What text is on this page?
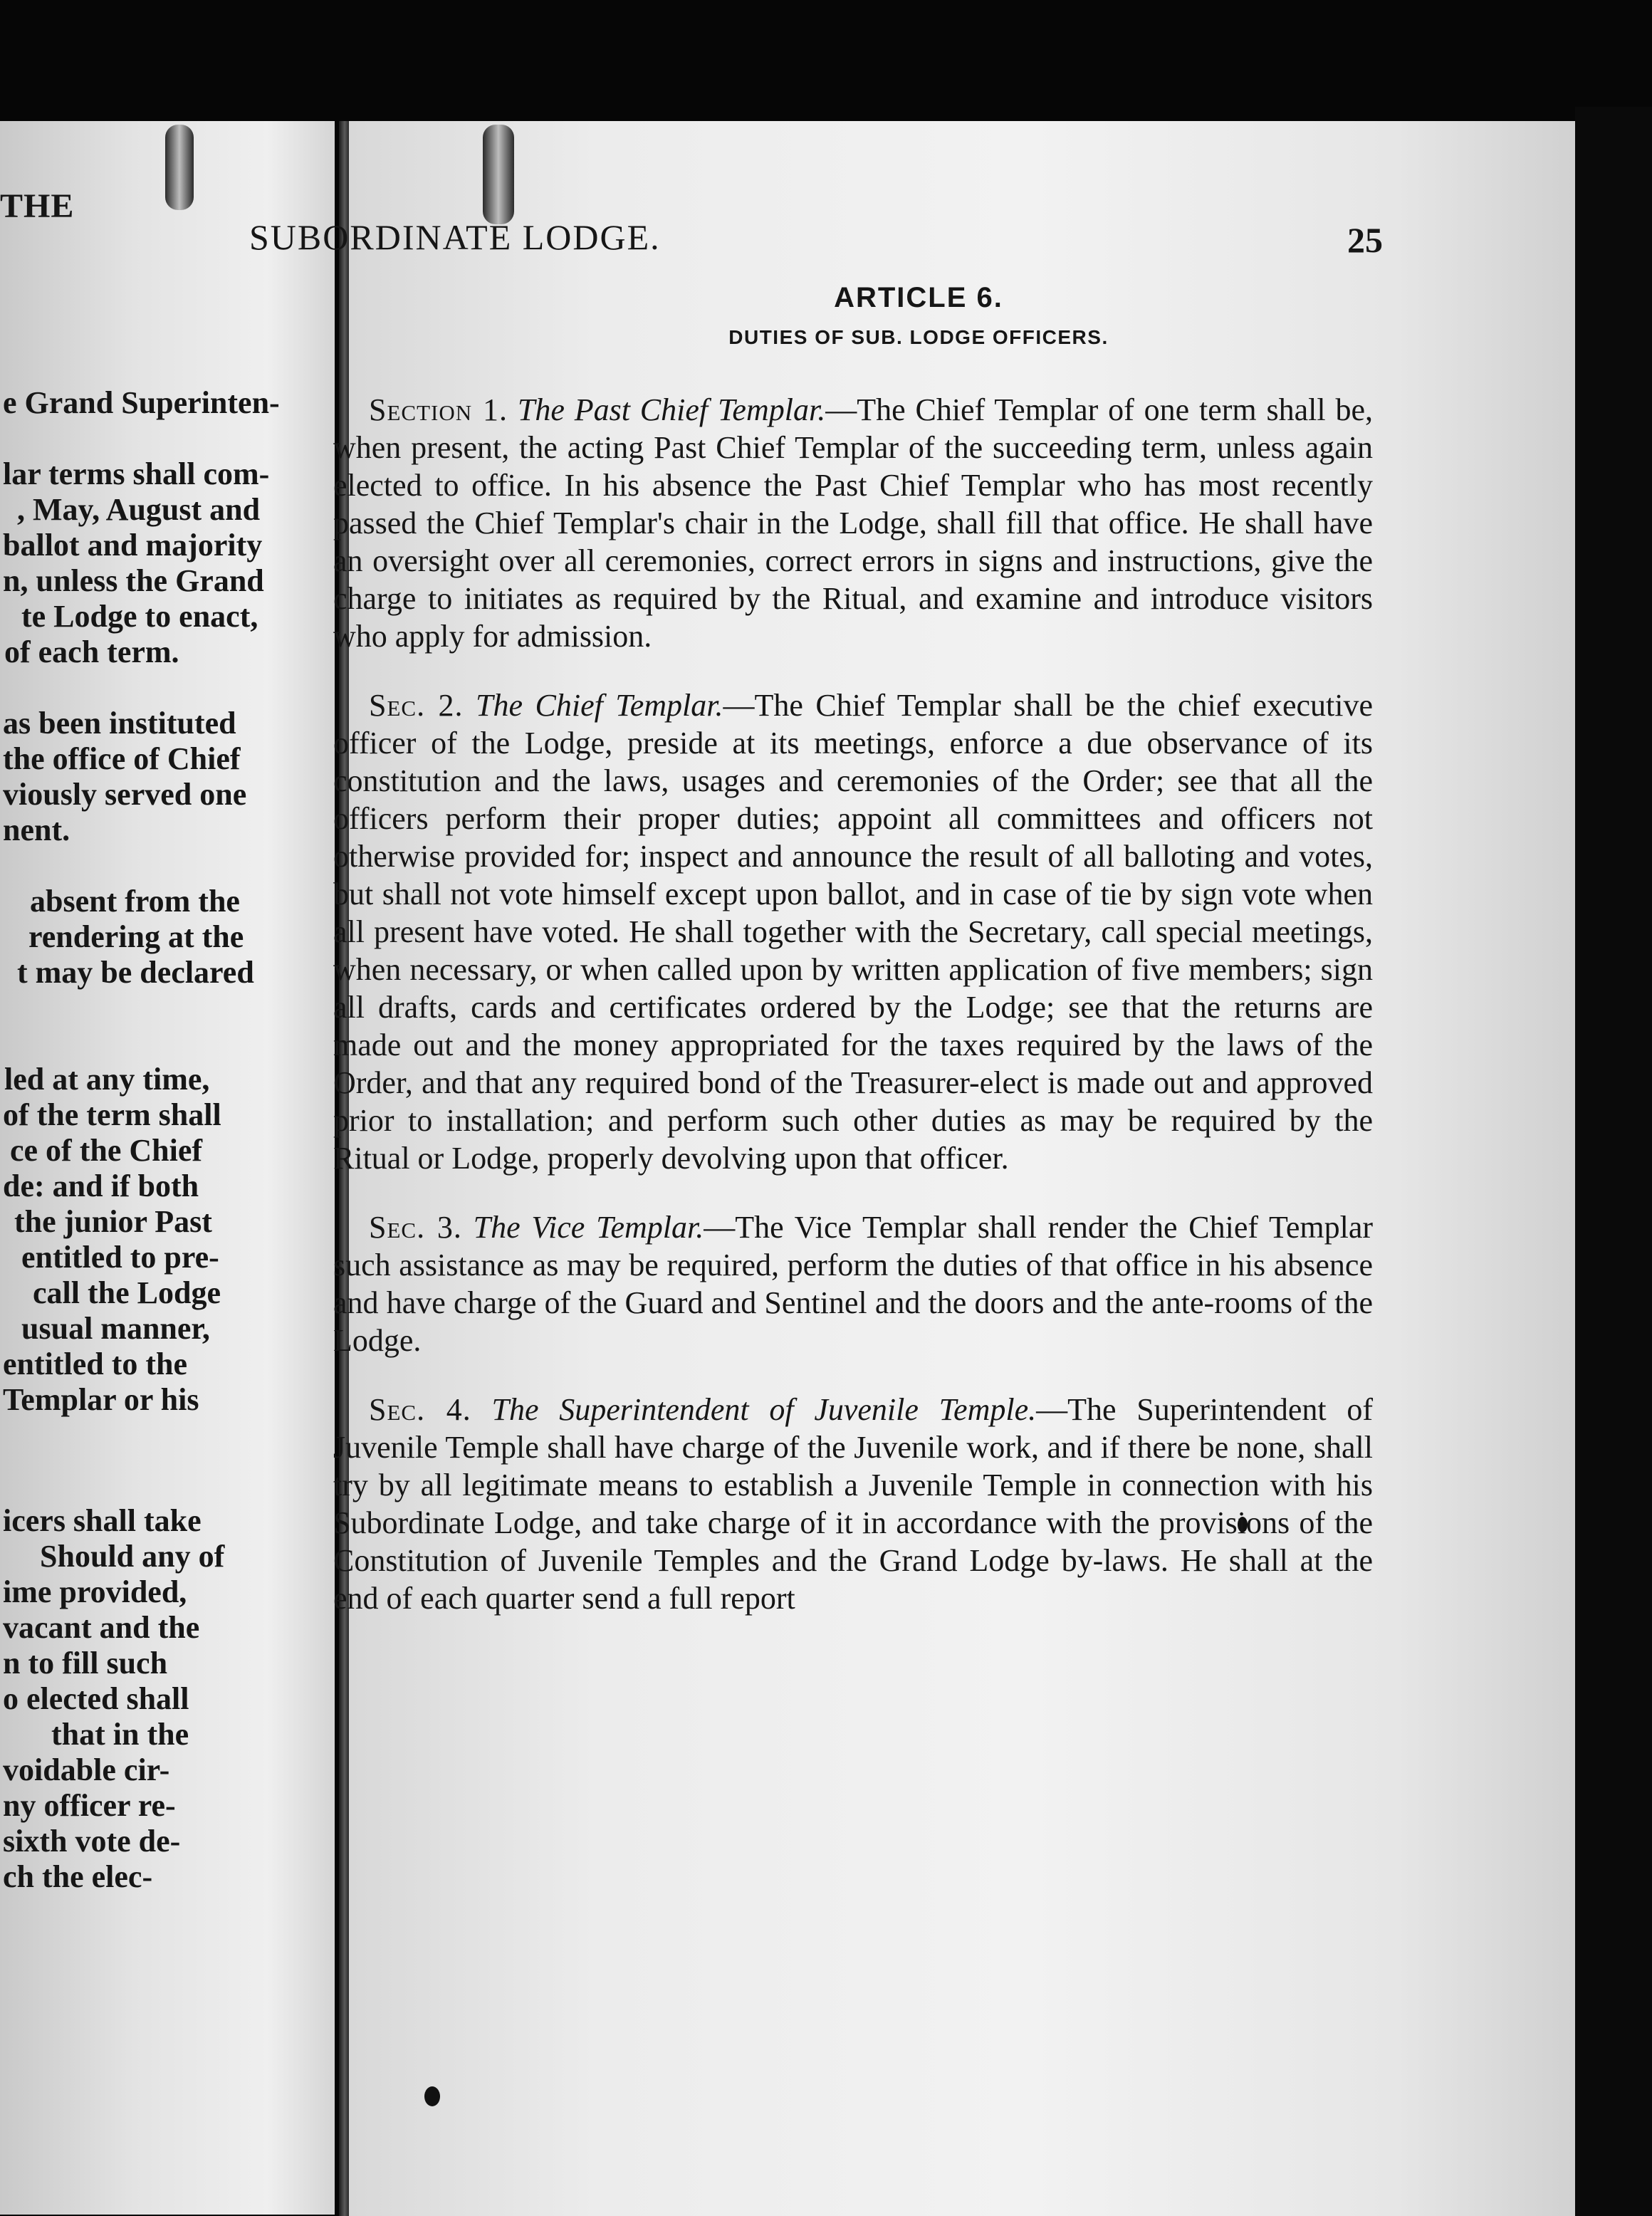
THE
e Grand Superinten-
lar terms shall com-
, May, August and
ballot and majority
n, unless the Grand
te Lodge to enact,
of each term.
as been instituted
the office of Chief
viously served one
nent.
absent from the
rendering at the
t may be declared
led at any time,
of the term shall
ce of the Chief
de: and if both
the junior Past
entitled to pre-
call the Lodge
usual manner,
entitled to the
Templar or his
icers shall take
Should any of
ime provided,
vacant and the
n to fill such
o elected shall
that in the
voidable cir-
ny officer re-
sixth vote de-
ch the elec-
SUBORDINATE LODGE.	25
ARTICLE 6.
DUTIES OF SUB. LODGE OFFICERS.

Section 1. The Past Chief Templar.—The Chief Templar of one term shall be, when present, the acting Past Chief Templar of the succeeding term, unless again elected to office. In his absence the Past Chief Templar who has most recently passed the Chief Templar's chair in the Lodge, shall fill that office. He shall have an oversight over all ceremonies, correct errors in signs and instructions, give the charge to initiates as required by the Ritual, and examine and introduce visitors who apply for admission.

Sec. 2. The Chief Templar.—The Chief Templar shall be the chief executive officer of the Lodge, preside at its meetings, enforce a due observance of its constitution and the laws, usages and ceremonies of the Order; see that all the officers perform their proper duties; appoint all committees and officers not otherwise provided for; inspect and announce the result of all balloting and votes, but shall not vote himself except upon ballot, and in case of tie by sign vote when all present have voted. He shall together with the Secretary, call special meetings, when necessary, or when called upon by written application of five members; sign all drafts, cards and certificates ordered by the Lodge; see that the returns are made out and the money appropriated for the taxes required by the laws of the Order, and that any required bond of the Treasurer-elect is made out and approved prior to installation; and perform such other duties as may be required by the Ritual or Lodge, properly devolving upon that officer.

Sec. 3. The Vice Templar.—The Vice Templar shall render the Chief Templar such assistance as may be required, perform the duties of that office in his absence and have charge of the Guard and Sentinel and the doors and the ante-rooms of the Lodge.

Sec. 4. The Superintendent of Juvenile Temple.—The Superintendent of Juvenile Temple shall have charge of the Juvenile work, and if there be none, shall try by all legitimate means to establish a Juvenile Temple in connection with his Subordinate Lodge, and take charge of it in accordance with the provisions of the Constitution of Juvenile Temples and the Grand Lodge by-laws. He shall at the end of each quarter send a full report
